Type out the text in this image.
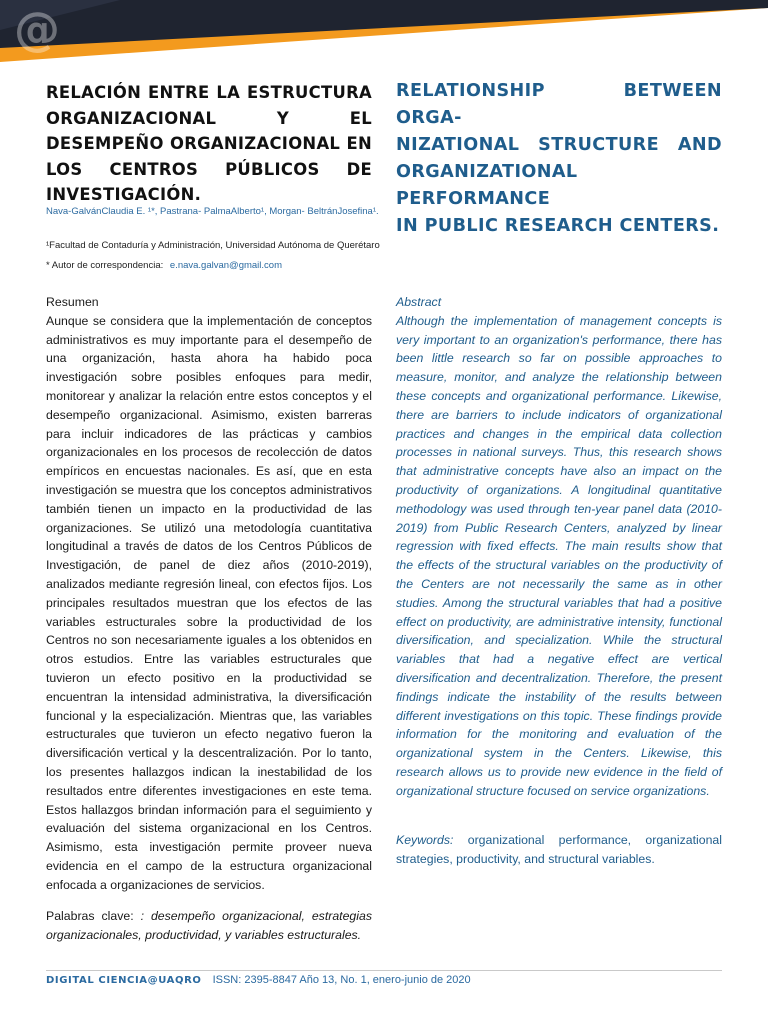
@
RELACIÓN ENTRE LA ESTRUCTURA ORGANIZACIONAL Y EL DESEMPEÑO ORGANIZACIONAL EN LOS CENTROS PÚBLICOS DE INVESTIGACIÓN.
RELATIONSHIP BETWEEN ORGA-
NIZATIONAL STRUCTURE AND
ORGANIZATIONAL PERFORMANCE
IN PUBLIC RESEARCH CENTERS.
Nava-GalvánClaudia E. ¹*, Pastrana- PalmaAlberto¹, Morgan- BeltránJosefina¹.
¹Facultad de Contaduría y Administración, Universidad Autónoma de Querétaro
* Autor de correspondencia: e.nava.galvan@gmail.com
Resumen
Aunque se considera que la implementación de conceptos administrativos es muy importante para el desempeño de una organización, hasta ahora ha habido poca investigación sobre posibles enfoques para medir, monitorear y analizar la relación entre estos conceptos y el desempeño organizacional. Asimismo, existen barreras para incluir indicadores de las prácticas y cambios organizacionales en los procesos de recolección de datos empíricos en encuestas nacionales. Es así, que en esta investigación se muestra que los conceptos administrativos también tienen un impacto en la productividad de las organizaciones. Se utilizó una metodología cuantitativa longitudinal a través de datos de los Centros Públicos de Investigación, de panel de diez años (2010-2019), analizados mediante regresión lineal, con efectos fijos. Los principales resultados muestran que los efectos de las variables estructurales sobre la productividad de los Centros no son necesariamente iguales a los obtenidos en otros estudios. Entre las variables estructurales que tuvieron un efecto positivo en la productividad se encuentran la intensidad administrativa, la diversificación funcional y la especialización. Mientras que, las variables estructurales que tuvieron un efecto negativo fueron la diversificación vertical y la descentralización. Por lo tanto, los presentes hallazgos indican la inestabilidad de los resultados entre diferentes investigaciones en este tema. Estos hallazgos brindan información para el seguimiento y evaluación del sistema organizacional en los Centros. Asimismo, esta investigación permite proveer nueva evidencia en el campo de la estructura organizacional enfocada a organizaciones de servicios.
Palabras clave: : desempeño organizacional, estrategias organizacionales, productividad, y variables estructurales.
Abstract
Although the implementation of management concepts is very important to an organization's performance, there has been little research so far on possible approaches to measure, monitor, and analyze the relationship between these concepts and organizational performance. Likewise, there are barriers to include indicators of organizational practices and changes in the empirical data collection processes in national surveys. Thus, this research shows that administrative concepts have also an impact on the productivity of organizations. A longitudinal quantitative methodology was used through ten-year panel data (2010-2019) from Public Research Centers, analyzed by linear regression with fixed effects. The main results show that the effects of the structural variables on the productivity of the Centers are not necessarily the same as in other studies. Among the structural variables that had a positive effect on productivity, are administrative intensity, functional diversification, and specialization. While the structural variables that had a negative effect are vertical diversification and decentralization. Therefore, the present findings indicate the instability of the results between different investigations on this topic. These findings provide information for the monitoring and evaluation of the organizational system in the Centers. Likewise, this research allows us to provide new evidence in the field of organizational structure focused on service organizations.
Keywords: organizational performance, organizational strategies, productivity, and structural variables.
DIGITAL CIENCIA@UAQRO ISSN: 2395-8847 Año 13, No. 1, enero-junio de 2020
